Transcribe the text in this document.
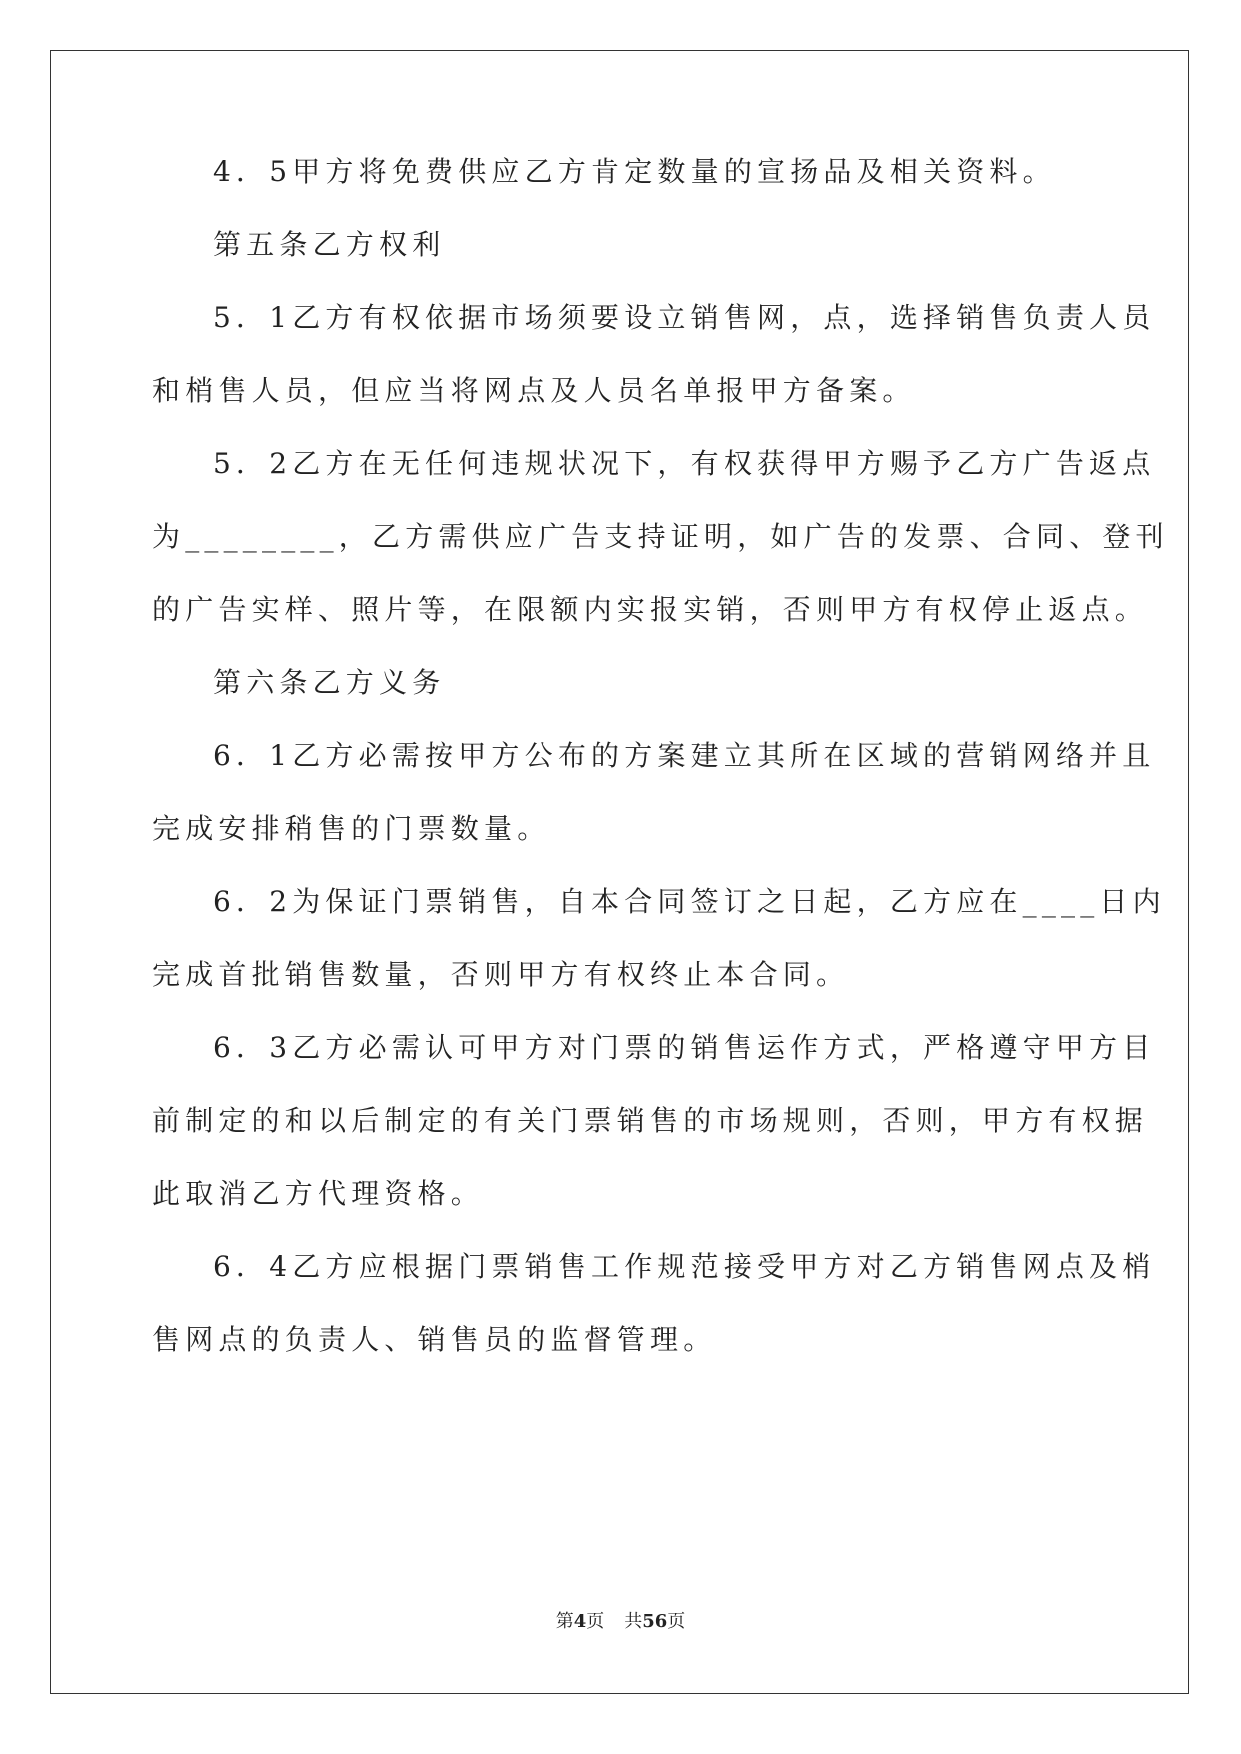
4．5甲方将免费供应乙方肯定数量的宣扬品及相关资料。
第五条乙方权利
5．1乙方有权依据市场须要设立销售网，点，选择销售负责人员
和梢售人员，但应当将网点及人员名单报甲方备案。
5．2乙方在无任何违规状况下，有权获得甲方赐予乙方广告返点
为________，乙方需供应广告支持证明，如广告的发票、合同、登刊
的广告实样、照片等，在限额内实报实销，否则甲方有权停止返点。
第六条乙方义务
6．1乙方必需按甲方公布的方案建立其所在区域的营销网络并且
完成安排稍售的门票数量。
6．2为保证门票销售，自本合同签订之日起，乙方应在____日内
完成首批销售数量，否则甲方有权终止本合同。
6．3乙方必需认可甲方对门票的销售运作方式，严格遵守甲方目
前制定的和以后制定的有关门票销售的市场规则，否则，甲方有权据
此取消乙方代理资格。
6．4乙方应根据门票销售工作规范接受甲方对乙方销售网点及梢
售网点的负责人、销售员的监督管理。
第4页 共56页
